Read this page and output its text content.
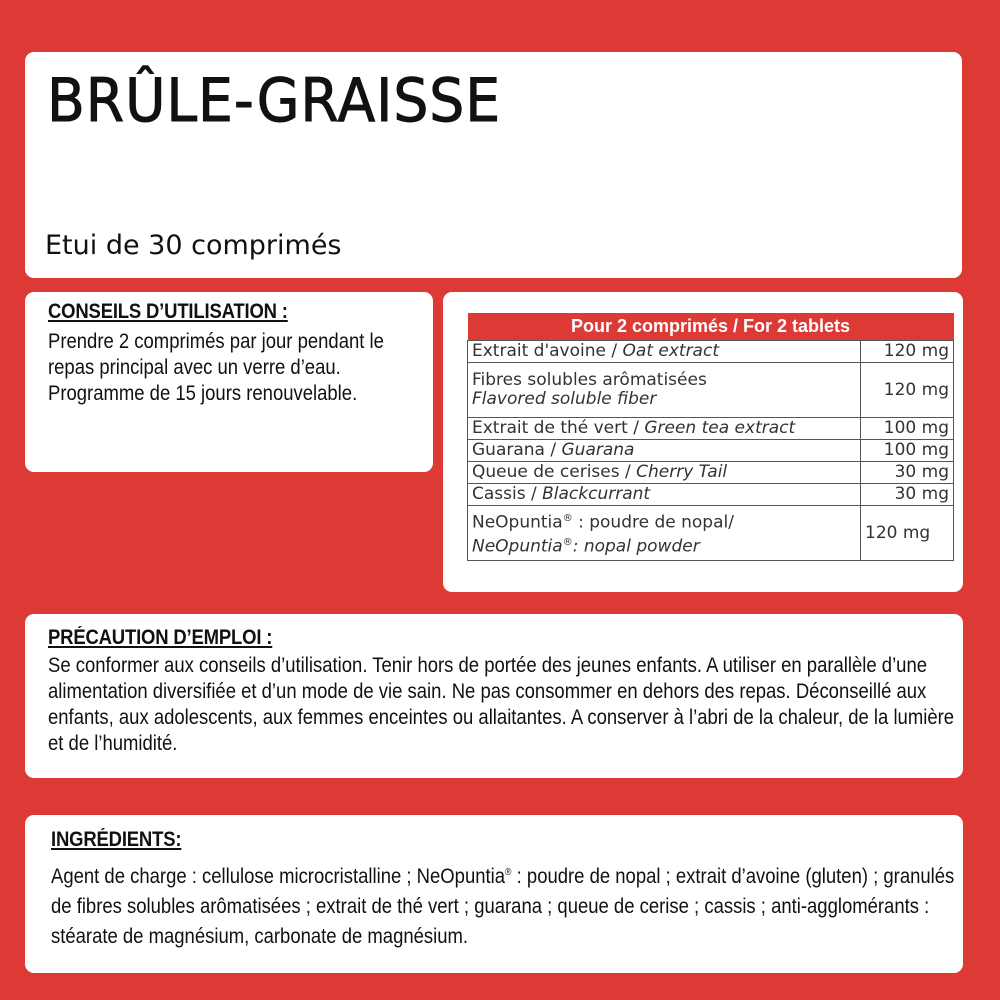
BRÛLE-GRAISSE
Etui de 30 comprimés
CONSEILS D’UTILISATION :
Prendre 2 comprimés par jour pendant le repas principal avec un verre d’eau. Programme de 15 jours renouvelable.
Pour 2 comprimés / For 2 tablets	
Extrait d'avoine / Oat extract	120 mg
Fibres solubles arômatisées
Flavored soluble fiber	120 mg
Extrait de thé vert / Green tea extract	100 mg
Guarana / Guarana	100 mg
Queue de cerises / Cherry Tail	30 mg
Cassis / Blackcurrant	30 mg
NeOpuntia® : poudre de nopal/
NeOpuntia®: nopal powder	120 mg
PRÉCAUTION D’EMPLOI :
Se conformer aux conseils d’utilisation. Tenir hors de portée des jeunes enfants. A utiliser en parallèle d’une alimentation diversifiée et d’un mode de vie sain. Ne pas consommer en dehors des repas. Déconseillé aux enfants, aux adolescents, aux femmes enceintes ou allaitantes. A conserver à l’abri de la chaleur, de la lumière et de l’humidité.
INGRÉDIENTS:
Agent de charge : cellulose microcristalline ; NeOpuntia® : poudre de nopal ; extrait d’avoine (gluten) ; granulés de fibres solubles arômatisées ; extrait de thé vert ; guarana ; queue de cerise ; cassis ; anti-agglomérants : stéarate de magnésium, carbonate de magnésium.
